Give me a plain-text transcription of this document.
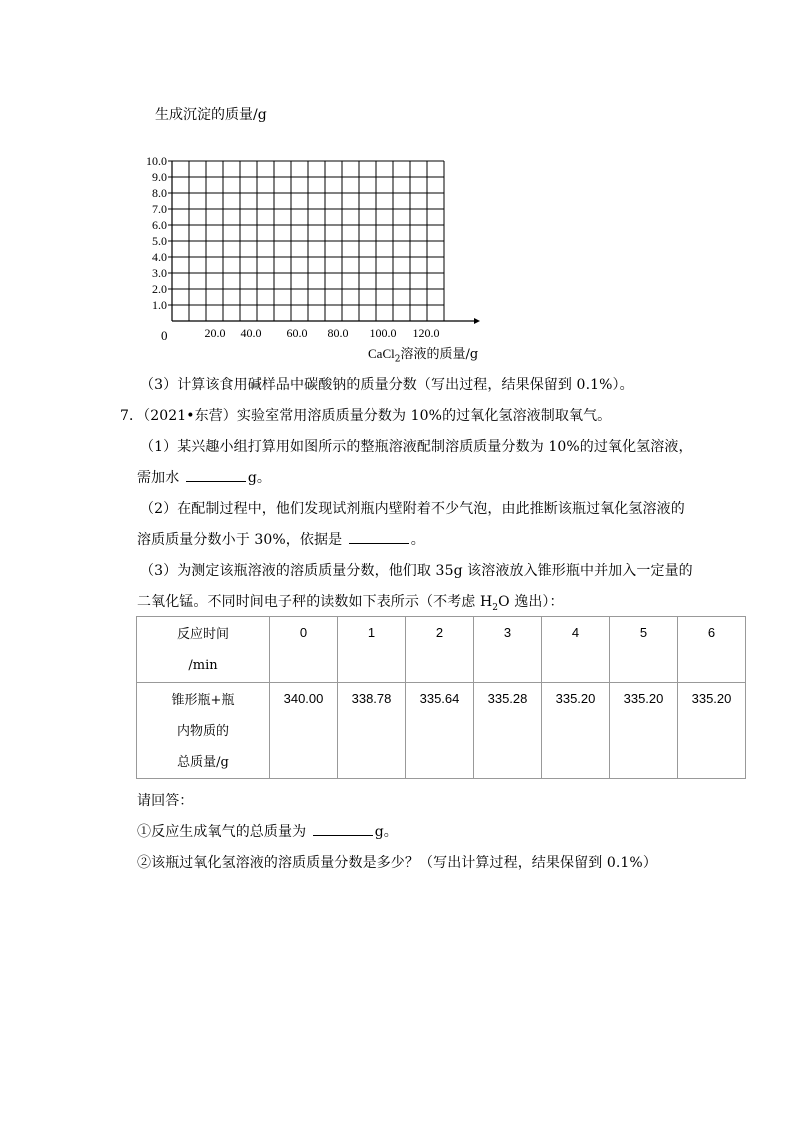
生成沉淀的质量/g
10.0
9.0
8.0
7.0
6.0
5.0
4.0
3.0
2.0
1.0
20.0 40.0 60.0 80.0 100.0 120.0
0
CaCl$_2$溶液的质量/g
（3）计算该食用碱样品中碳酸钠的质量分数（写出过程，结果保留到 0.1%）。
7．（2021•东营）实验室常用溶质质量分数为 10%的过氧化氢溶液制取氧气。
（1）某兴趣小组打算用如图所示的整瓶溶液配制溶质质量分数为 10%的过氧化氢溶液，
需加水	g。
（2）在配制过程中，他们发现试剂瓶内壁附着不少气泡，由此推断该瓶过氧化氢溶液的
溶质质量分数小于 30%，依据是	。
（3）为测定该瓶溶液的溶质质量分数，他们取 35g 该溶液放入锥形瓶中并加入一定量的
二氧化锰。不同时间电子秤的读数如下表所示（不考虑 $H_2O$ 逸出）：
反应时间
/min	0	1	2	3	4	5	6

锥形瓶+瓶
内物质的
总质量/g	340.00	338.78	335.64	335.28	335.20	335.20	335.20
请回答：
①反应生成氧气的总质量为	g。
②该瓶过氧化氢溶液的溶质质量分数是多少？（写出计算过程，结果保留到 0.1%）
